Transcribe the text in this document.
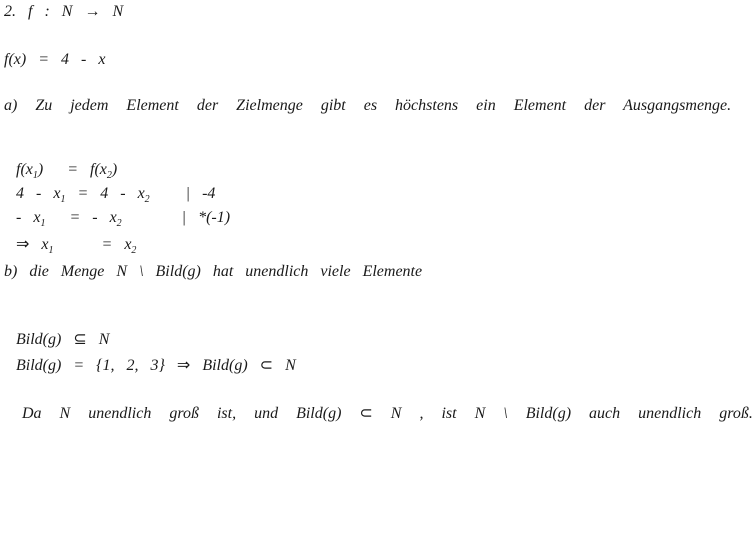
2.  f  :  N  →  N
f(x)  =  4  -  x
a)  Zu  jedem  Element  der  Zielmenge  gibt  es  höchstens  ein  Element  der  Ausgangsmenge.

$f(x_1)$    =  $f(x_2)$

$4 - x_1 = 4 - x_2$      |  -4

-  $x_1$    =  -  $x_2$          |  *(-1)

⇒  $x_1$        =  $x_2$

b)  die  Menge  N  \  Bild(g)  hat  unendlich  viele  Elemente

Bild(g)  ⊆  N

Bild(g)  =  {1,  2,  3}  ⇒  Bild(g)  ⊂  N

Da  N  unendlich  groß  ist,  und  Bild(g)  ⊂  N  ,  ist  N  \  Bild(g)  auch  unendlich  groß.
